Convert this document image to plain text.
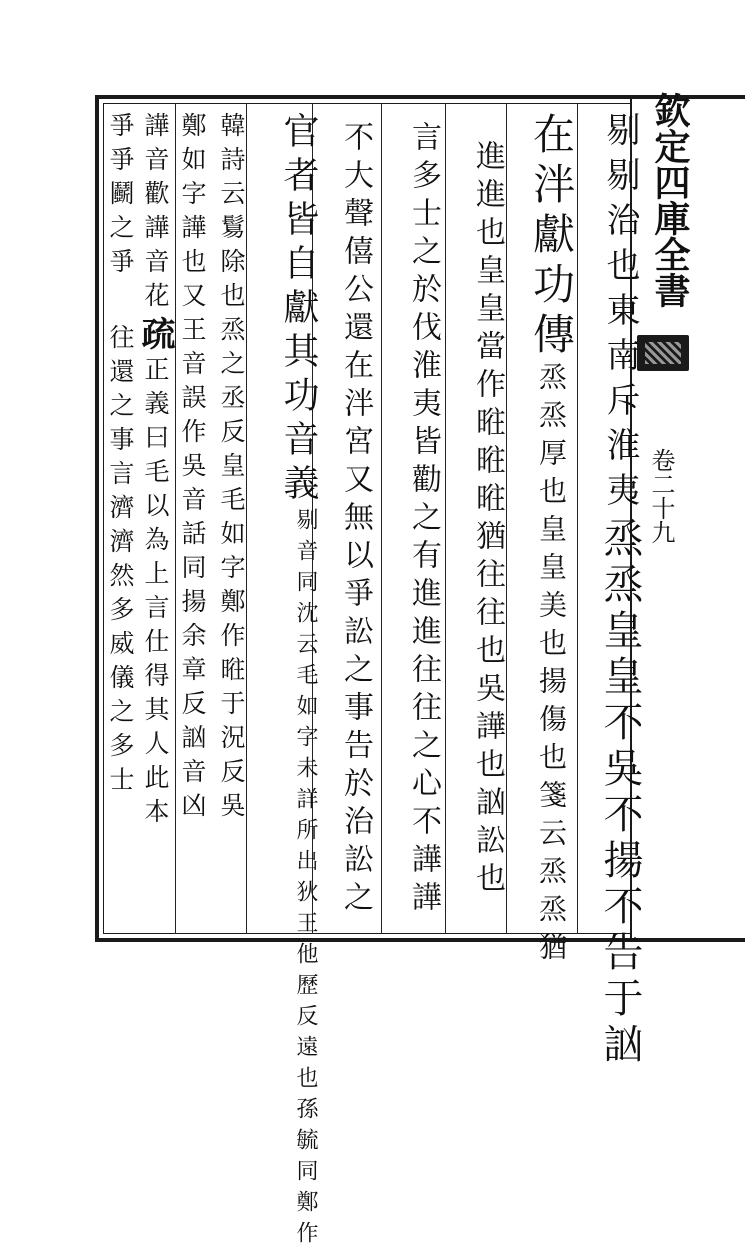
欽定四庫全書
卷二十九
剔剔治也東南斥淮夷烝烝皇皇不吳不揚不告于訩
在泮獻功傳烝烝厚也皇皇美也揚傷也箋云烝烝猶
進進也皇皇當作暀暀暀猶往往也吳譁也訩訟也
言多士之於伐淮夷皆勸之有進進往往之心不譁譁
不大聲僖公還在泮宮又無以爭訟之事告於治訟之
官者皆自獻其功音義
狄王他歷反遠也孫毓同鄭作
剔音同沈云毛如字未詳所出
韓詩云鬄除也烝之丞反皇毛如字鄭作暀于況反吳
鄭如字譁也又王音誤作吳音話同揚余章反訩音凶
譁音歡譁音花疏正義曰毛以為上言仕得其人此本
爭爭鬬之爭往還之事言濟濟然多威儀之多士
